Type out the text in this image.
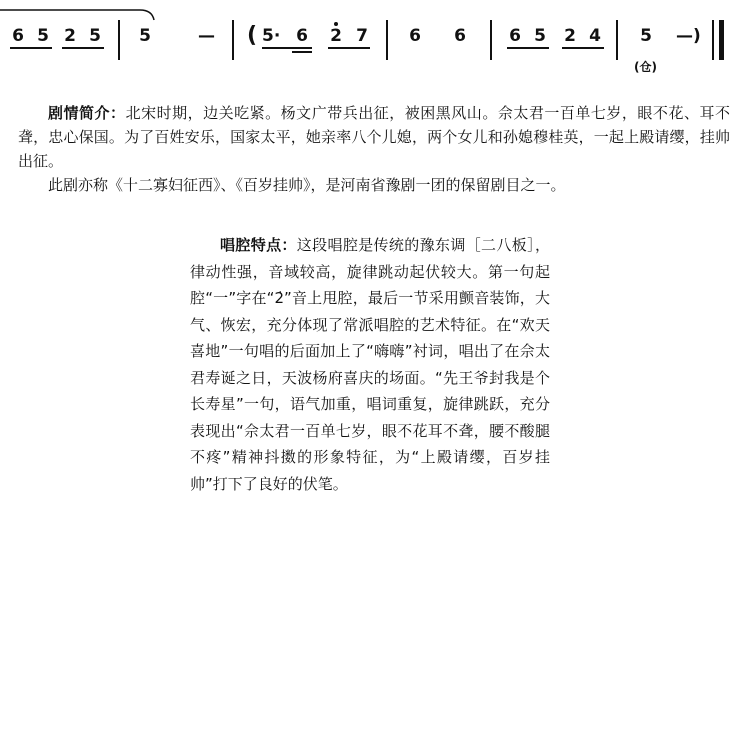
6 5 2 5 5	— ( 5· 6 2 7 6 6	6 5 2 4 5 —)
(仓)

剧情简介：北宋时期，边关吃紧。杨文广带兵出征，被困黑风山。佘太君一百单七岁，眼不花、耳不聋，忠心保国。为了百姓安乐，国家太平，她亲率八个儿媳，两个女儿和孙媳穆桂英，一起上殿请缨，挂帅出征。

此剧亦称《十二寡妇征西》、《百岁挂帅》，是河南省豫剧一团的保留剧目之一。

唱腔特点：这段唱腔是传统的豫东调［二八板］，律动性强，音域较高，旋律跳动起伏较大。第一句起腔“一”字在“2̇”音上甩腔，最后一节采用颤音装饰，大气、恢宏，充分体现了常派唱腔的艺术特征。在“欢天喜地”一句唱的后面加上了“嗨嗨”衬词，唱出了在佘太君寿诞之日，天波杨府喜庆的场面。“先王爷封我是个长寿星”一句，语气加重，唱词重复，旋律跳跃，充分表现出“佘太君一百单七岁，眼不花耳不聋，腰不酸腿不疼”精神抖擞的形象特征，为“上殿请缨，百岁挂帅”打下了良好的伏笔。
